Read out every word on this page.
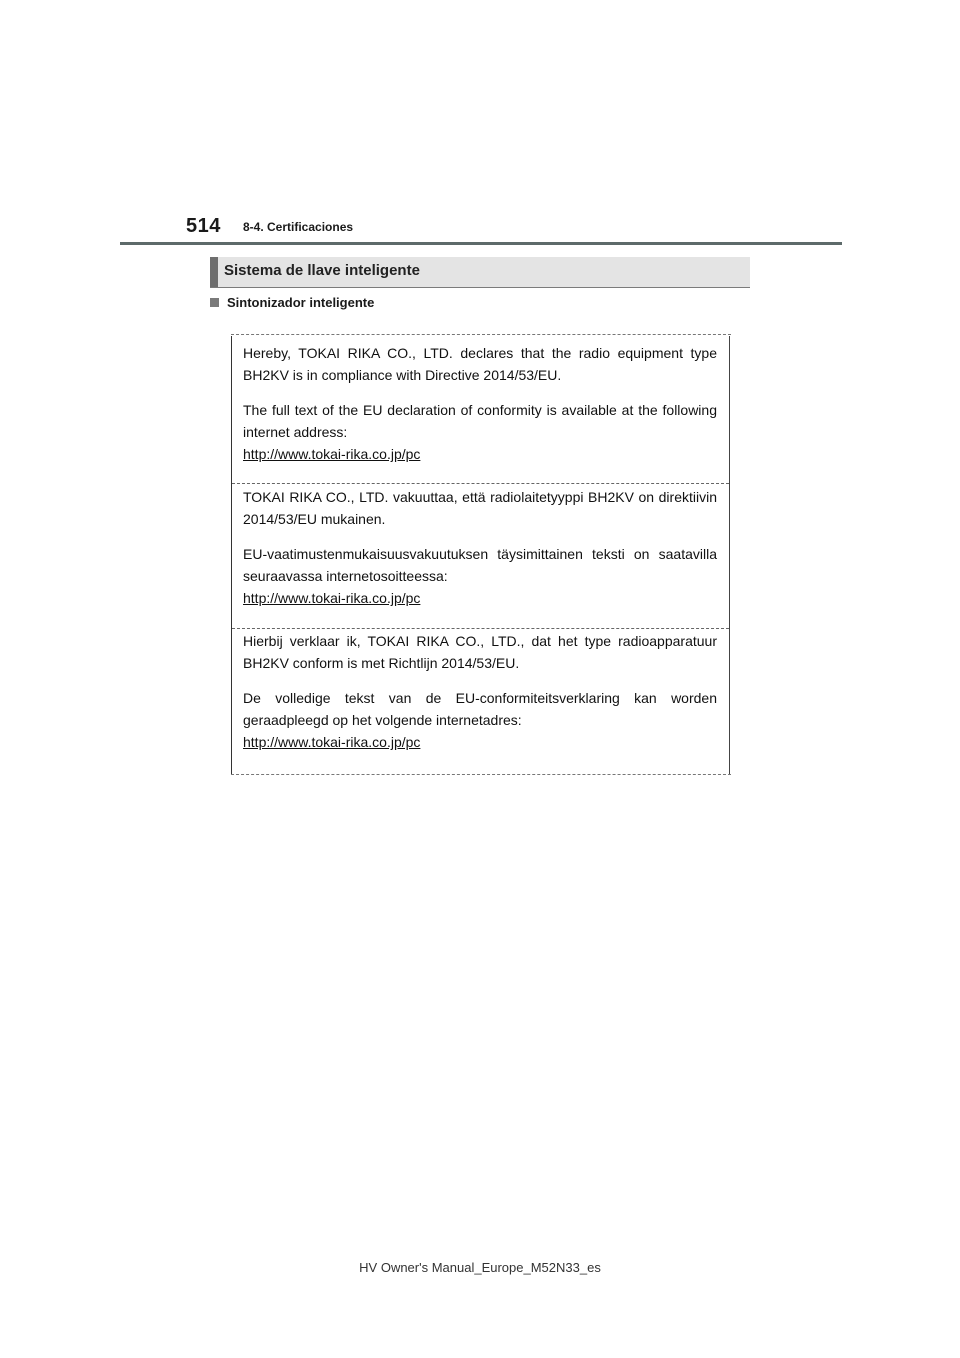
514 8-4. Certificaciones
Sistema de llave inteligente
Sintonizador inteligente

Hereby, TOKAI RIKA CO., LTD. declares that the radio equipment type BH2KV is in compliance with Directive 2014/53/EU.

The full text of the EU declaration of conformity is available at the following internet address:

http://www.tokai-rika.co.jp/pc

TOKAI RIKA CO., LTD. vakuuttaa, että radiolaitetyyppi BH2KV on direktiivin 2014/53/EU mukainen.

EU-vaatimustenmukaisuusvakuutuksen täysimittainen teksti on saatavilla seuraavassa internetosoitteessa:

http://www.tokai-rika.co.jp/pc

Hierbij verklaar ik, TOKAI RIKA CO., LTD., dat het type radioapparatuur BH2KV conform is met Richtlijn 2014/53/EU.

De volledige tekst van de EU-conformiteitsverklaring kan worden geraadpleegd op het volgende internetadres:

http://www.tokai-rika.co.jp/pc

HV Owner's Manual_Europe_M52N33_es
